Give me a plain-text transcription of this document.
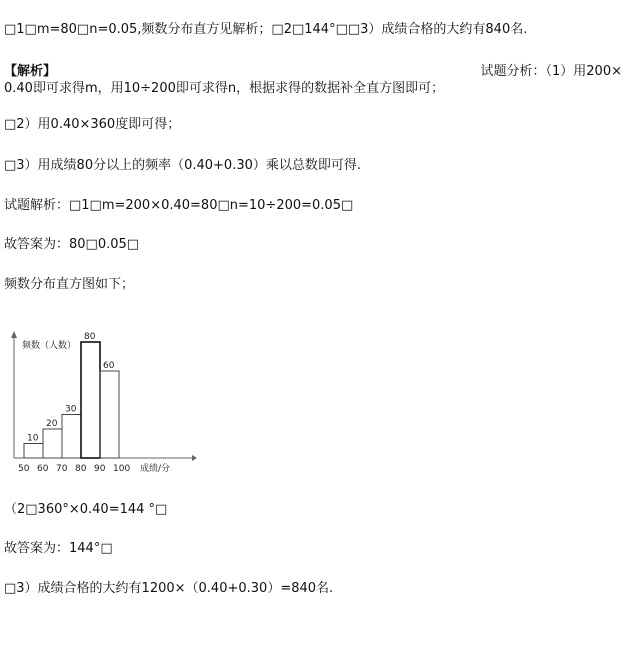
□1□m=80□n=0.05,频数分布直方见解析；□2□144°□□3）成绩合格的大约有840名.
【解析】	试题分析：（1）用200×
0.40即可求得m，用10÷200即可求得n，根据求得的数据补全直方图即可；
□2）用0.40×360度即可得；
□3）用成绩80分以上的频率（0.40+0.30）乘以总数即可得.
试题解析：□1□m=200×0.40=80□n=10÷200=0.05□
故答案为：80□0.05□
频数分布直方图如下；
10
20
30
80
60
50 60 70 80 90 100
频数（人数）
成绩/分
（2□360°×0.40=144 °□
故答案为：144°□
□3）成绩合格的大约有1200×（0.40+0.30）=840名.
